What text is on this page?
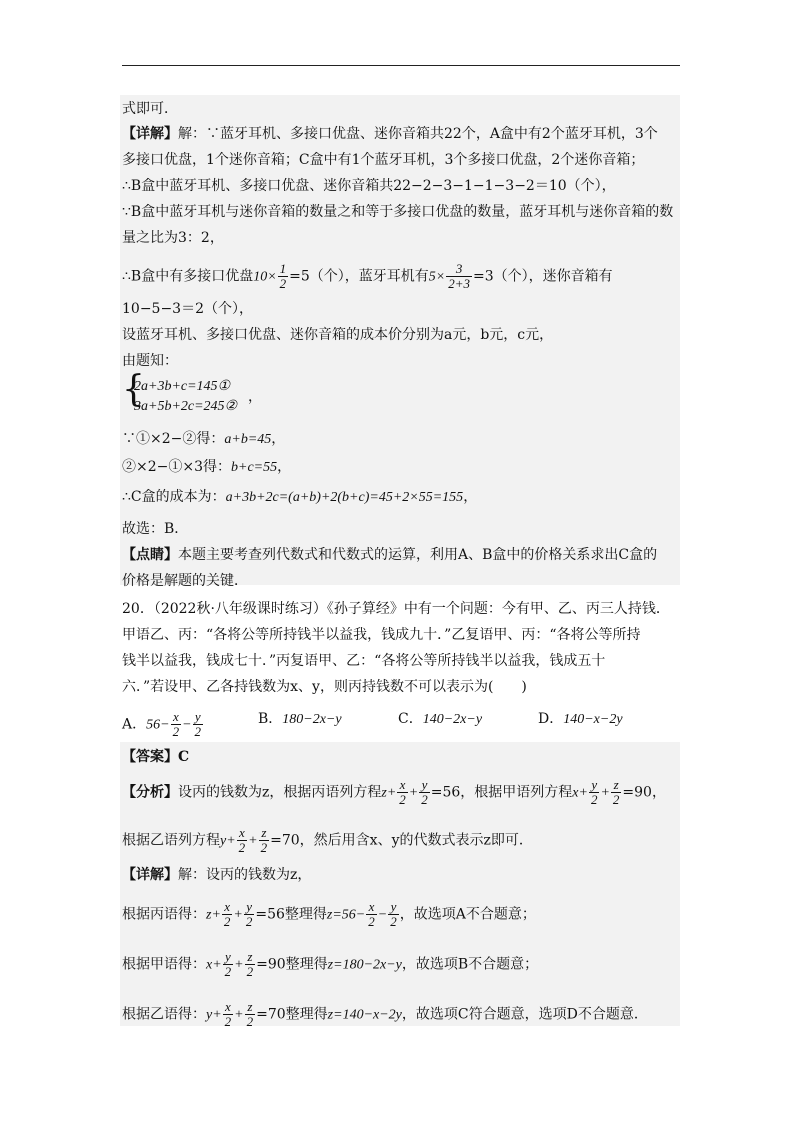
式即可．
【详解】解：∵蓝牙耳机、多接口优盘、迷你音箱共22个，A盒中有2个蓝牙耳机，3个
多接口优盘，1个迷你音箱；C盒中有1个蓝牙耳机，3个多接口优盘，2个迷你音箱；
∴B盒中蓝牙耳机、多接口优盘、迷你音箱共22−2−3−1−1−3−2＝10（个），
∵B盒中蓝牙耳机与迷你音箱的数量之和等于多接口优盘的数量，蓝牙耳机与迷你音箱的数
量之比为3：2，
∴B盒中有多接口优盘$10\times \frac{1}{2} =5$（个），蓝牙耳机有$5\times \frac{3}{2+3} =3$（个），迷你音箱有
10−5−3＝2（个），
设蓝牙耳机、多接口优盘、迷你音箱的成本价分别为a元，b元，c元，
由题知：
{
2a+3b+c=145①
3a+5b+2c=245②
，
∵①×2−②得：a+b=45，
②×2−①×3得：b+c=55，
∴C盒的成本为：a+3b+2c=(a+b)+2(b+c)=45+2×55=155，
故选：B．
【点睛】本题主要考查列代数式和代数式的运算，利用A、B盒中的价格关系求出C盒的
价格是解题的关键．
20．（2022秋·八年级课时练习）《孙子算经》中有一个问题：今有甲、乙、丙三人持钱．
甲语乙、丙：“各将公等所持钱半以益我，钱成九十．”乙复语甲、丙：“各将公等所持
钱半以益我，钱成七十．”丙复语甲、乙：“各将公等所持钱半以益我，钱成五十
六．”若设甲、乙各持钱数为x、y，则丙持钱数不可以表示为(　　)
A．$56- \frac{x}{2} - \frac{y}{2}$	B．180−2x−y	C．140−2x−y	D．140−x−2y
【答案】C
【分析】设丙的钱数为z，根据丙语列方程$z+ \frac{x}{2} + \frac{y}{2} =56$，根据甲语列方程$x+ \frac{y}{2} + \frac{z}{2} =90$，
根据乙语列方程$y+ \frac{x}{2} + \frac{z}{2} =70$，然后用含x、y的代数式表示z即可．
【详解】解：设丙的钱数为z，
根据丙语得：$z+ \frac{x}{2} + \frac{y}{2} =56$整理得$z=56- \frac{x}{2} - \frac{y}{2}$ ，故选项A不合题意；
根据甲语得：$x+ \frac{y}{2} + \frac{z}{2} =90$整理得z=180−2x−y，故选项B不合题意；
根据乙语得：$y+ \frac{x}{2} + \frac{z}{2} =70$整理得z=140−x−2y，故选项C符合题意，选项D不合题意．
